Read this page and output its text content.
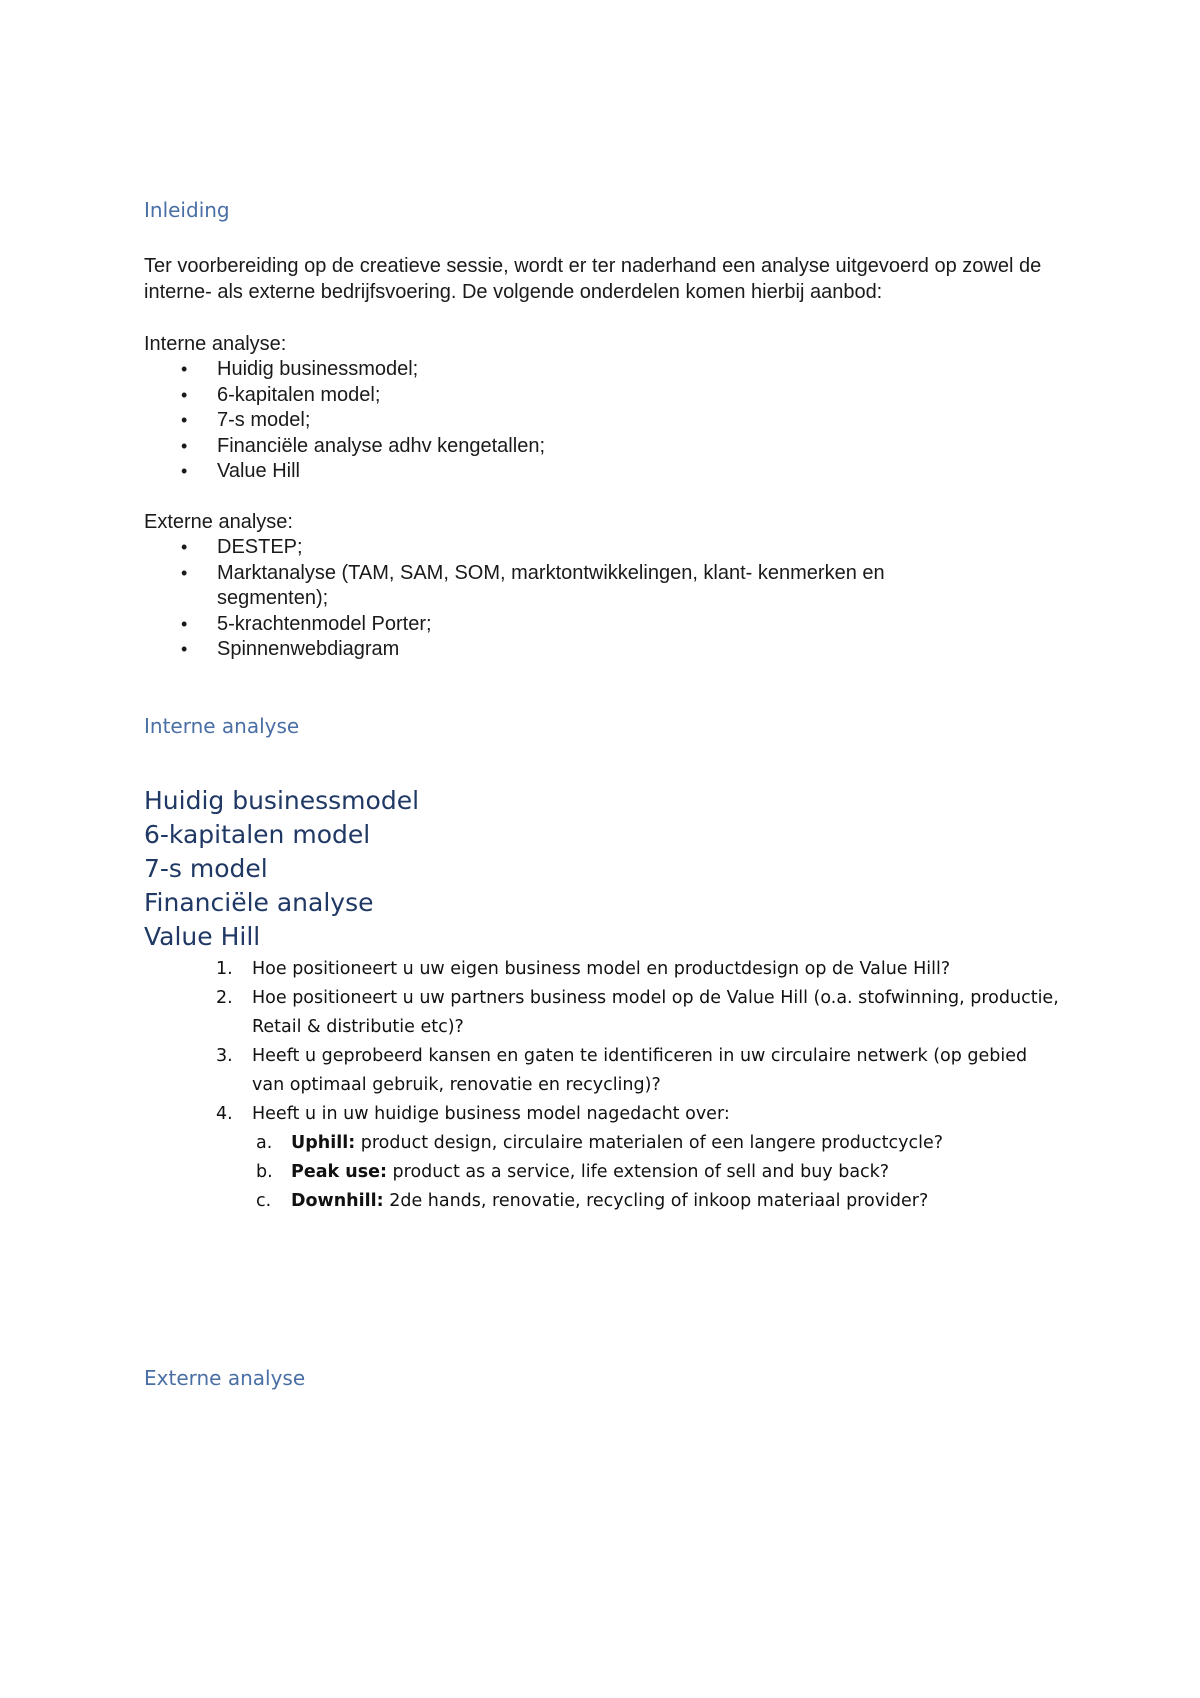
Inleiding

Ter voorbereiding op de creatieve sessie, wordt er ter naderhand een analyse uitgevoerd op zowel de interne- als externe bedrijfsvoering. De volgende onderdelen komen hierbij aanbod:

Interne analyse:

• Huidig businessmodel;
• 6-kapitalen model;
• 7-s model;
• Financiële analyse adhv kengetallen;
• Value Hill

Externe analyse:

• DESTEP;
• Marktanalyse (TAM, SAM, SOM, marktontwikkelingen, klant- kenmerken en segmenten);
• 5-krachtenmodel Porter;
• Spinnenwebdiagram
Interne analyse
Huidig businessmodel
6-kapitalen model
7-s model
Financiële analyse
Value Hill
1. Hoe positioneert u uw eigen business model en productdesign op de Value Hill?
2. Hoe positioneert u uw partners business model op de Value Hill (o.a. stofwinning, productie, Retail & distributie etc)?
3. Heeft u geprobeerd kansen en gaten te identificeren in uw circulaire netwerk (op gebied van optimaal gebruik, renovatie en recycling)?
4. Heeft u in uw huidige business model nagedacht over:
a. Uphill: product design, circulaire materialen of een langere productcycle?
b. Peak use: product as a service, life extension of sell and buy back?
c. Downhill: 2de hands, renovatie, recycling of inkoop materiaal provider?
Externe analyse
